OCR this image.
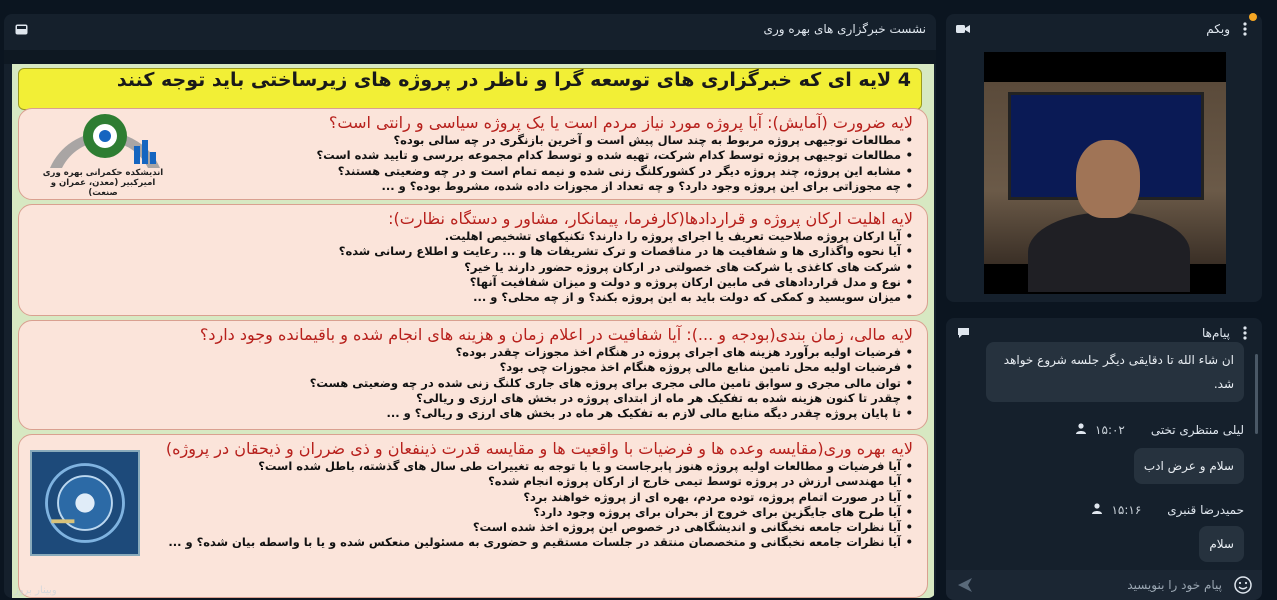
نشست خبرگزاری های بهره وری
4 لایه ای که خبرگزاری های توسعه گرا و ناظر در پروژه های زیرساختی باید توجه کنند
لایه ضرورت (آمایش): آیا پروژه مورد نیاز مردم است یا یک پروژه سیاسی و رانتی است؟
• مطالعات توجیهی پروژه مربوط به چند سال پیش است و آخرین بازنگری در چه سالی بوده؟
• مطالعات توجیهی پروژه توسط کدام شرکت، تهیه شده و توسط کدام مجموعه بررسی و تایید شده است؟
• مشابه این پروژه، چند پروژه دیگر در کشورکلنگ زنی شده و نیمه تمام است و در چه وضعیتی هستند؟
• چه مجوزاتی برای این پروژه وجود دارد؟ و چه تعداد از مجوزات داده شده، مشروط بوده؟ و ...
لایه اهلیت ارکان پروژه و قراردادها(کارفرما، پیمانکار، مشاور و دستگاه نظارت):
• آیا ارکان پروژه صلاحیت تعریف یا اجرای پروژه را دارند؟ تکنیکهای تشخیص اهلیت.
• آیا نحوه واگذاری ها و شفافیت ها در مناقصات و ترک تشریفات ها و ... رعایت و اطلاع رسانی شده؟
• شرکت های کاغذی یا شرکت های خصولتی در ارکان پروژه حضور دارند یا خیر؟
• نوع و مدل قراردادهای فی مابین ارکان پروژه و دولت و میزان شفافیت آنها؟
• میزان سوبسید و کمکی که دولت باید به این پروژه بکند؟ و از چه محلی؟ و ...
لایه مالی، زمان بندی(بودجه و ...): آیا شفافیت در اعلام زمان و هزینه های انجام شده و باقیمانده وجود دارد؟
• فرضیات اولیه برآورد هزینه های اجرای پروژه در هنگام اخذ مجوزات چقدر بوده؟
• فرضیات اولیه محل تامین منابع مالی پروژه هنگام اخذ مجوزات چی بود؟
• توان مالی مجری و سوابق تامین مالی مجری برای پروژه های جاری کلنگ زنی شده در چه وضعیتی هست؟
• چقدر تا کنون هزینه شده به تفکیک هر ماه از ابتدای پروژه در بخش های ارزی و ریالی؟
• تا پایان پروژه چقدر دیگه منابع مالی لازم به تفکیک هر ماه در بخش های ارزی و ریالی؟ و ...
لایه بهره وری(مقایسه وعده ها و فرضیات با واقعیت ها و مقایسه قدرت ذینفعان و ذی ضرران و ذیحقان در پروژه)
• آیا فرضیات و مطالعات اولیه پروژه هنوز پابرجاست و یا با توجه به تغییرات طی سال های گذشته، باطل شده است؟
• آیا مهندسی ارزش در پروژه توسط تیمی خارج از ارکان پروژه انجام شده؟
• آیا در صورت اتمام پروژه، توده مردم، بهره ای از پروژه خواهند برد؟
• آیا طرح های جایگزین برای خروج از بحران برای پروژه وجود دارد؟
• آیا نظرات جامعه نخبگانی و اندیشگاهی در خصوص این پروژه اخذ شده است؟
• آیا نظرات جامعه نخبگانی و متخصصان منتقد در جلسات مستقیم و حضوری به مسئولین منعکس شده و یا با واسطه بیان شده؟ و ...
اندیشکده حکمرانی بهره وری امیرکبیر (معدن، عمران و صنعت)
وبینار بروز
وبکم
پیام‌ها
ان شاء الله تا دقایقی دیگر جلسه شروع خواهد شد.
لیلی منتظری تختی
۱۵:۰۲
سلام و عرض ادب
حمیدرضا قنبری
۱۵:۱۶
سلام
پیام خود را بنویسید
